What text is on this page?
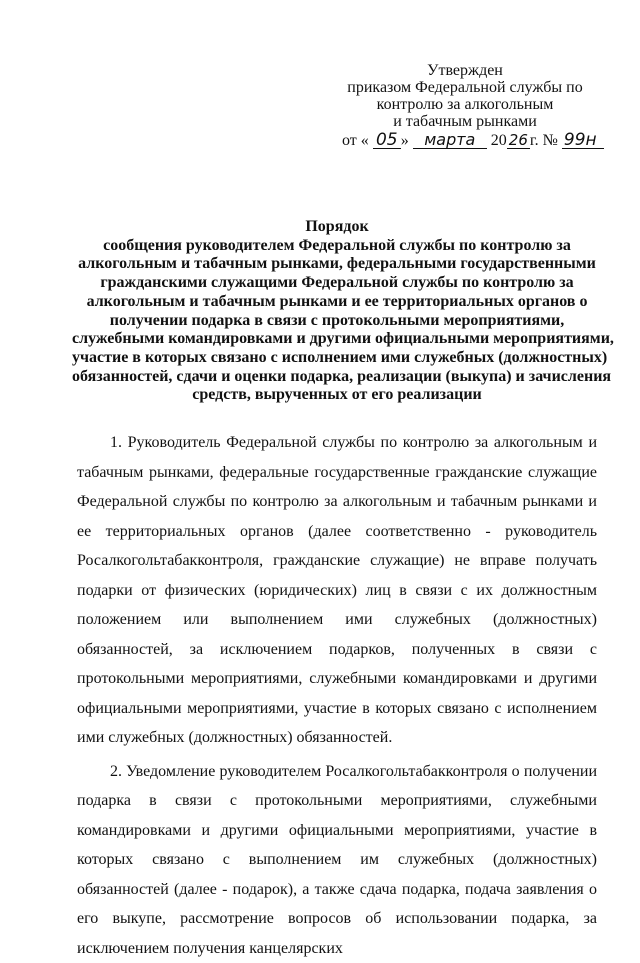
Утвержден
приказом Федеральной службы по
контролю за алкогольным
и табачным рынками
от « 05 » марта 20 26 г. № 99н
Порядок
сообщения руководителем Федеральной службы по контролю за
алкогольным и табачным рынками, федеральными государственными
гражданскими служащими Федеральной службы по контролю за
алкогольным и табачным рынками и ее территориальных органов о
получении подарка в связи с протокольными мероприятиями,
служебными командировками и другими официальными мероприятиями,
участие в которых связано с исполнением ими служебных (должностных)
обязанностей, сдачи и оценки подарка, реализации (выкупа) и зачисления
средств, вырученных от его реализации

1. Руководитель Федеральной службы по контролю за алкогольным и табачным рынками, федеральные государственные гражданские служащие Федеральной службы по контролю за алкогольным и табачным рынками и ее территориальных органов (далее соответственно - руководитель Росалкогольтабакконтроля, гражданские служащие) не вправе получать подарки от физических (юридических) лиц в связи с их должностным положением или выполнением ими служебных (должностных) обязанностей, за исключением подарков, полученных в связи с протокольными мероприятиями, служебными командировками и другими официальными мероприятиями, участие в которых связано с исполнением ими служебных (должностных) обязанностей.

2. Уведомление руководителем Росалкогольтабакконтроля о получении подарка в связи с протокольными мероприятиями, служебными командировками и другими официальными мероприятиями, участие в которых связано с выполнением им служебных (должностных) обязанностей (далее - подарок), а также сдача подарка, подача заявления о его выкупе, рассмотрение вопросов об использовании подарка, за исключением получения канцелярских
